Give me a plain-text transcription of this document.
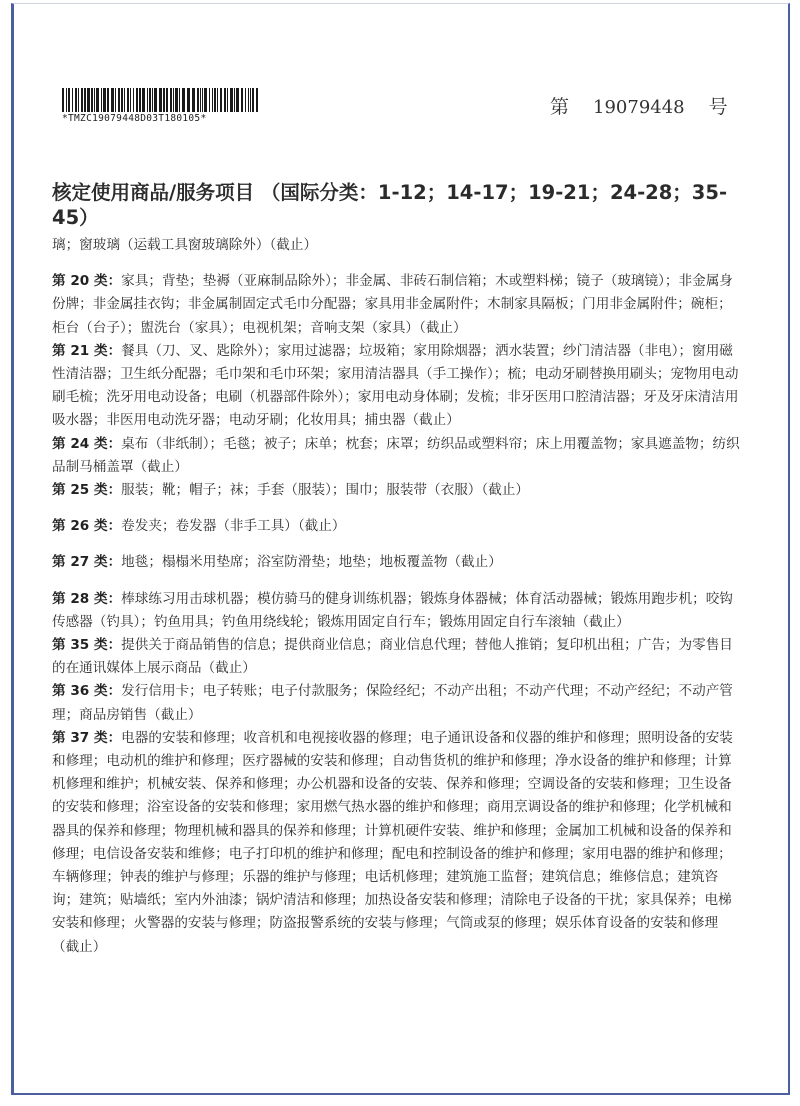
*TMZC19079448D03T180105*
第 19079448 号
核定使用商品/服务项目 （国际分类：1-12；14-17；19-21；24-28；35-45）

璃；窗玻璃（运载工具窗玻璃除外）（截止）

第 20 类：家具；背垫；垫褥（亚麻制品除外）；非金属、非砖石制信箱；木或塑料梯；镜子（玻璃镜）；非金属身份牌；非金属挂衣钩；非金属制固定式毛巾分配器；家具用非金属附件；木制家具隔板；门用非金属附件；碗柜；柜台（台子）；盥洗台（家具）；电视机架；音响支架（家具）（截止）

第 21 类：餐具（刀、叉、匙除外）；家用过滤器；垃圾箱；家用除烟器；洒水装置；纱门清洁器（非电）；窗用磁性清洁器；卫生纸分配器；毛巾架和毛巾环架；家用清洁器具（手工操作）；梳；电动牙刷替换用刷头；宠物用电动刷毛梳；洗牙用电动设备；电刷（机器部件除外）；家用电动身体刷；发梳；非牙医用口腔清洁器；牙及牙床清洁用吸水器；非医用电动洗牙器；电动牙刷；化妆用具；捕虫器（截止）

第 24 类：桌布（非纸制）；毛毯；被子；床单；枕套；床罩；纺织品或塑料帘；床上用覆盖物；家具遮盖物；纺织品制马桶盖罩（截止）

第 25 类：服装；靴；帽子；袜；手套（服装）；围巾；服装带（衣服）（截止）

第 26 类：卷发夹；卷发器（非手工具）（截止）

第 27 类：地毯；榻榻米用垫席；浴室防滑垫；地垫；地板覆盖物（截止）

第 28 类：棒球练习用击球机器；模仿骑马的健身训练机器；锻炼身体器械；体育活动器械；锻炼用跑步机；咬钩传感器（钓具）；钓鱼用具；钓鱼用绕线轮；锻炼用固定自行车；锻炼用固定自行车滚轴（截止）

第 35 类：提供关于商品销售的信息；提供商业信息；商业信息代理；替他人推销；复印机出租；广告；为零售目的在通讯媒体上展示商品（截止）

第 36 类：发行信用卡；电子转账；电子付款服务；保险经纪；不动产出租；不动产代理；不动产经纪；不动产管理；商品房销售（截止）

第 37 类：电器的安装和修理；收音机和电视接收器的修理；电子通讯设备和仪器的维护和修理；照明设备的安装和修理；电动机的维护和修理；医疗器械的安装和修理；自动售货机的维护和修理；净水设备的维护和修理；计算机修理和维护；机械安装、保养和修理；办公机器和设备的安装、保养和修理；空调设备的安装和修理；卫生设备的安装和修理；浴室设备的安装和修理；家用燃气热水器的维护和修理；商用烹调设备的维护和修理；化学机械和器具的保养和修理；物理机械和器具的保养和修理；计算机硬件安装、维护和修理；金属加工机械和设备的保养和修理；电信设备安装和维修；电子打印机的维护和修理；配电和控制设备的维护和修理；家用电器的维护和修理；车辆修理；钟表的维护与修理；乐器的维护与修理；电话机修理；建筑施工监督；建筑信息；维修信息；建筑咨询；建筑；贴墙纸；室内外油漆；锅炉清洁和修理；加热设备安装和修理；清除电子设备的干扰；家具保养；电梯安装和修理；火警器的安装与修理；防盗报警系统的安装与修理；气筒或泵的修理；娱乐体育设备的安装和修理（截止）
